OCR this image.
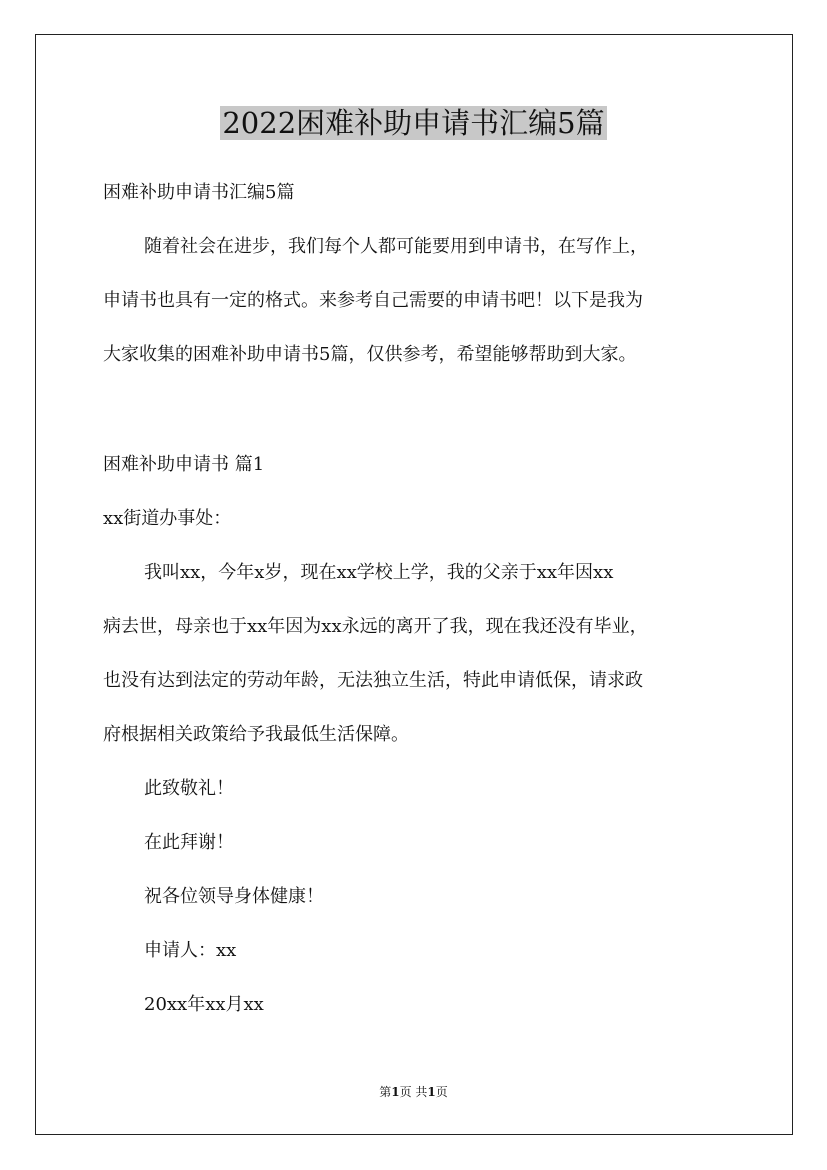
2022困难补助申请书汇编5篇

困难补助申请书汇编5篇

随着社会在进步，我们每个人都可能要用到申请书，在写作上，

申请书也具有一定的格式。来参考自己需要的申请书吧！以下是我为

大家收集的困难补助申请书5篇，仅供参考，希望能够帮助到大家。

困难补助申请书 篇1

xx街道办事处：

我叫xx，今年x岁，现在xx学校上学，我的父亲于xx年因xx

病去世，母亲也于xx年因为xx永远的离开了我，现在我还没有毕业，

也没有达到法定的劳动年龄，无法独立生活，特此申请低保，请求政

府根据相关政策给予我最低生活保障。

此致敬礼！

在此拜谢！

祝各位领导身体健康！

申请人：xx

20xx年xx月xx

第1页 共1页
